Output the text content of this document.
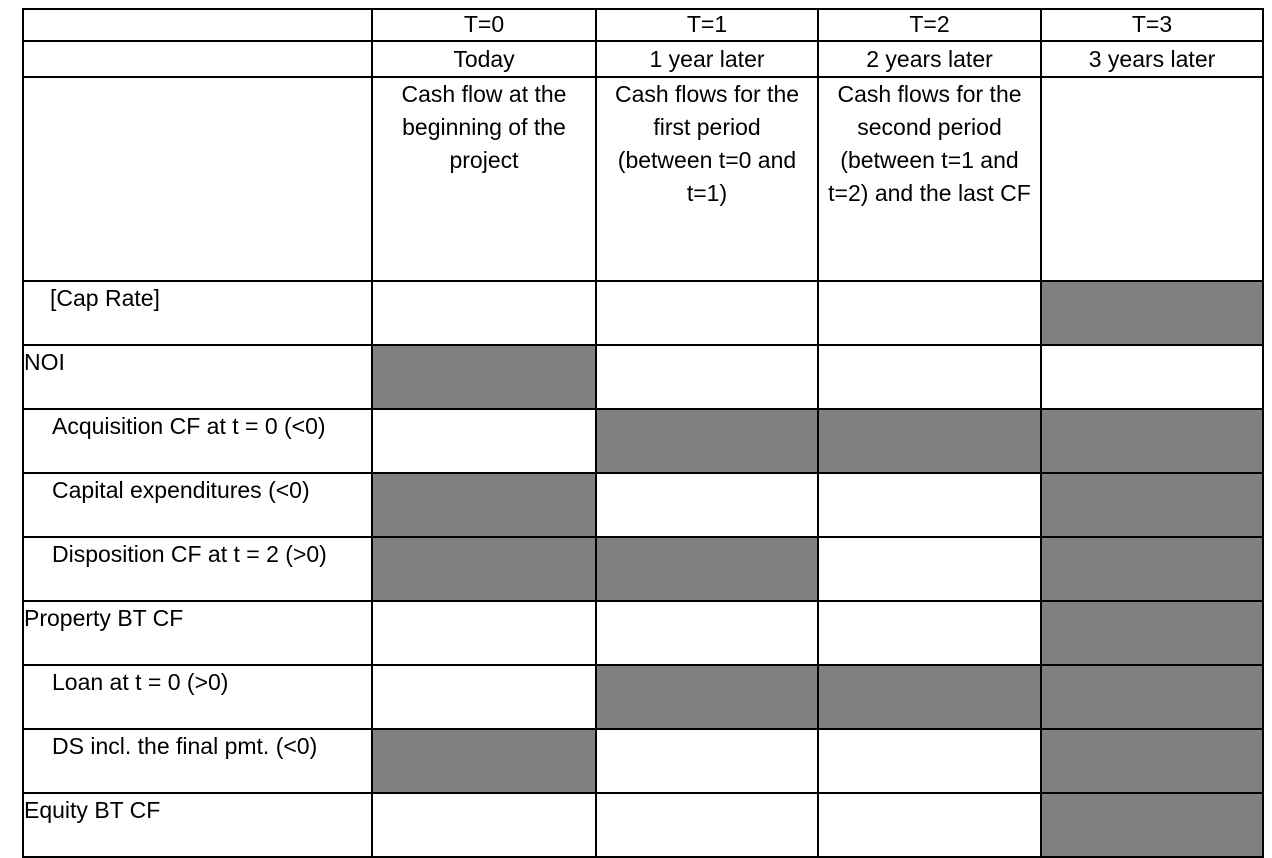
	T=0	T=1	T=2	T=3
	Today	1 year later	2 years later	3 years later
	Cash flow at the beginning of the project	Cash flows for the first period (between t=0 and t=1)	Cash flows for the second period (between t=1 and t=2) and the last CF	
[Cap Rate]				
NOI				
Acquisition CF at t = 0 (<0)				
Capital expenditures (<0)				
Disposition CF at t = 2 (>0)				
Property BT CF				
Loan at t = 0 (>0)				
DS incl. the final pmt. (<0)				
Equity BT CF				
